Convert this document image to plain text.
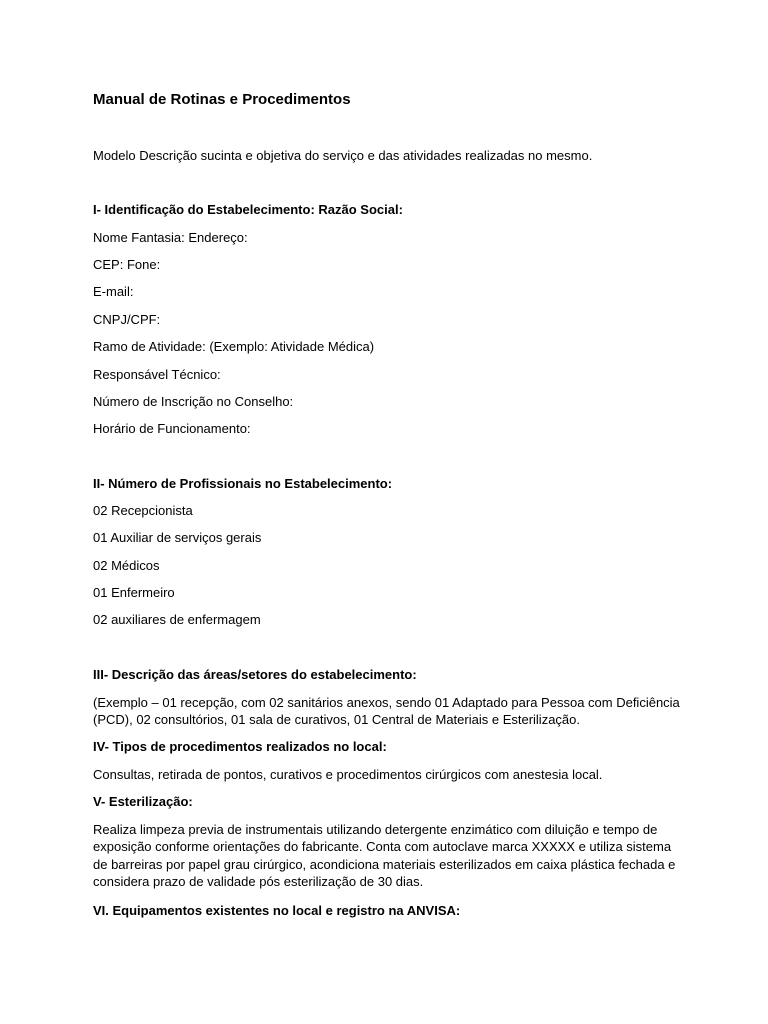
Manual de Rotinas e Procedimentos

Modelo Descrição sucinta e objetiva do serviço e das atividades realizadas no mesmo.

I- Identificação do Estabelecimento: Razão Social:

Nome Fantasia: Endereço:

CEP: Fone:

E-mail:

CNPJ/CPF:

Ramo de Atividade: (Exemplo: Atividade Médica)

Responsável Técnico:

Número de Inscrição no Conselho:

Horário de Funcionamento:

II- Número de Profissionais no Estabelecimento:

02 Recepcionista

01 Auxiliar de serviços gerais

02 Médicos

01 Enfermeiro

02 auxiliares de enfermagem

III- Descrição das áreas/setores do estabelecimento:

(Exemplo – 01 recepção, com 02 sanitários anexos, sendo 01 Adaptado para Pessoa com Deficiência

(PCD), 02 consultórios, 01 sala de curativos, 01 Central de Materiais e Esterilização.

IV- Tipos de procedimentos realizados no local:

Consultas, retirada de pontos, curativos e procedimentos cirúrgicos com anestesia local.

V- Esterilização:

Realiza limpeza previa de instrumentais utilizando detergente enzimático com diluição e tempo de

exposição conforme orientações do fabricante. Conta com autoclave marca XXXXX e utiliza sistema

de barreiras por papel grau cirúrgico, acondiciona materiais esterilizados em caixa plástica fechada e

considera prazo de validade pós esterilização de 30 dias.

VI. Equipamentos existentes no local e registro na ANVISA:
